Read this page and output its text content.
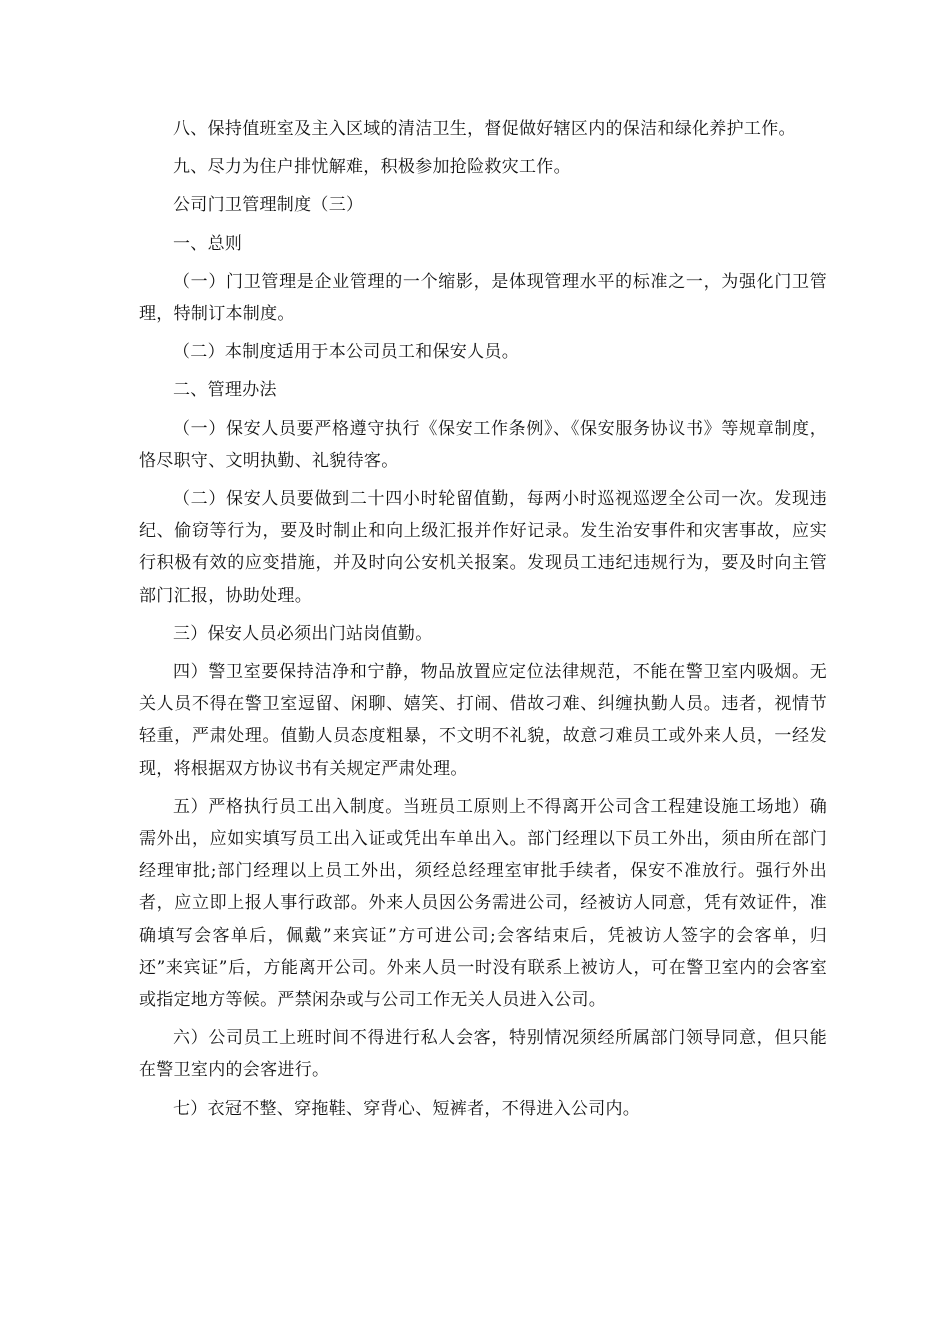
八、保持值班室及主入区域的清洁卫生，督促做好辖区内的保洁和绿化养护工作。

九、尽力为住户排忧解难，积极参加抢险救灾工作。

公司门卫管理制度（三）

一、总则

（一）门卫管理是企业管理的一个缩影，是体现管理水平的标准之一，为强化门卫管理，特制订本制度。

（二）本制度适用于本公司员工和保安人员。

二、管理办法

（一）保安人员要严格遵守执行《保安工作条例》、《保安服务协议书》等规章制度，恪尽职守、文明执勤、礼貌待客。

（二）保安人员要做到二十四小时轮留值勤，每两小时巡视巡逻全公司一次。发现违纪、偷窃等行为，要及时制止和向上级汇报并作好记录。发生治安事件和灾害事故，应实行积极有效的应变措施，并及时向公安机关报案。发现员工违纪违规行为，要及时向主管部门汇报，协助处理。

三）保安人员必须出门站岗值勤。

四）警卫室要保持洁净和宁静，物品放置应定位法律规范，不能在警卫室内吸烟。无关人员不得在警卫室逗留、闲聊、嬉笑、打闹、借故刁难、纠缠执勤人员。违者，视情节轻重，严肃处理。值勤人员态度粗暴，不文明不礼貌，故意刁难员工或外来人员，一经发现，将根据双方协议书有关规定严肃处理。

五）严格执行员工出入制度。当班员工原则上不得离开公司含工程建设施工场地）确需外出，应如实填写员工出入证或凭出车单出入。部门经理以下员工外出，须由所在部门经理审批;部门经理以上员工外出，须经总经理室审批手续者，保安不准放行。强行外出者，应立即上报人事行政部。外来人员因公务需进公司，经被访人同意，凭有效证件，准确填写会客单后，佩戴”来宾证”方可进公司;会客结束后，凭被访人签字的会客单，归还”来宾证”后，方能离开公司。外来人员一时没有联系上被访人，可在警卫室内的会客室或指定地方等候。严禁闲杂或与公司工作无关人员进入公司。

六）公司员工上班时间不得进行私人会客，特别情况须经所属部门领导同意，但只能在警卫室内的会客进行。

七）衣冠不整、穿拖鞋、穿背心、短裤者，不得进入公司内。
